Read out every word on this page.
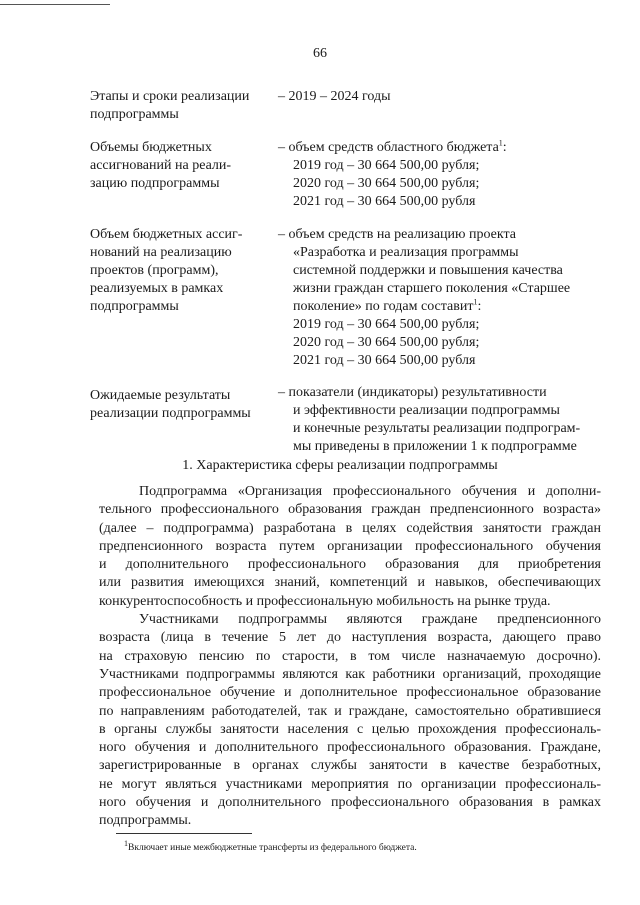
66
Этапы и сроки реализации
подпрограммы
– 2019 – 2024 годы
Объемы бюджетных
ассигнований на реали-
зацию подпрограммы
– объем средств областного бюджета$^1$:
2019 год – 30 664 500,00 рубля;
2020 год – 30 664 500,00 рубля;
2021 год – 30 664 500,00 рубля
Объем бюджетных ассиг-
нований на реализацию
проектов (программ),
реализуемых в рамках
подпрограммы
– объем средств на реализацию проекта
«Разработка и реализация программы
системной поддержки и повышения качества
жизни граждан старшего поколения «Старшее
поколение» по годам составит$^1$:
2019 год – 30 664 500,00 рубля;
2020 год – 30 664 500,00 рубля;
2021 год – 30 664 500,00 рубля
Ожидаемые результаты
реализации подпрограммы
– показатели (индикаторы) результативности
и эффективности реализации подпрограммы
и конечные результаты реализации подпрограм-
мы приведены в приложении 1 к подпрограмме
1. Характеристика сферы реализации подпрограммы
Подпрограмма «Организация профессионального обучения и дополни-
тельного профессионального образования граждан предпенсионного возраста»
(далее – подпрограмма) разработана в целях содействия занятости граждан
предпенсионного возраста путем организации профессионального обучения
и дополнительного профессионального образования для приобретения
или развития имеющихся знаний, компетенций и навыков, обеспечивающих
конкурентоспособность и профессиональную мобильность на рынке труда.
Участниками подпрограммы являются граждане предпенсионного
возраста (лица в течение 5 лет до наступления возраста, дающего право
на страховую пенсию по старости, в том числе назначаемую досрочно).
Участниками подпрограммы являются как работники организаций, проходящие
профессиональное обучение и дополнительное профессиональное образование
по направлениям работодателей, так и граждане, самостоятельно обратившиеся
в органы службы занятости населения с целью прохождения профессиональ-
ного обучения и дополнительного профессионального образования. Граждане,
зарегистрированные в органах службы занятости в качестве безработных,
не могут являться участниками мероприятия по организации профессиональ-
ного обучения и дополнительного профессионального образования в рамках
подпрограммы.
$^1$Включает иные межбюджетные трансферты из федерального бюджета.
